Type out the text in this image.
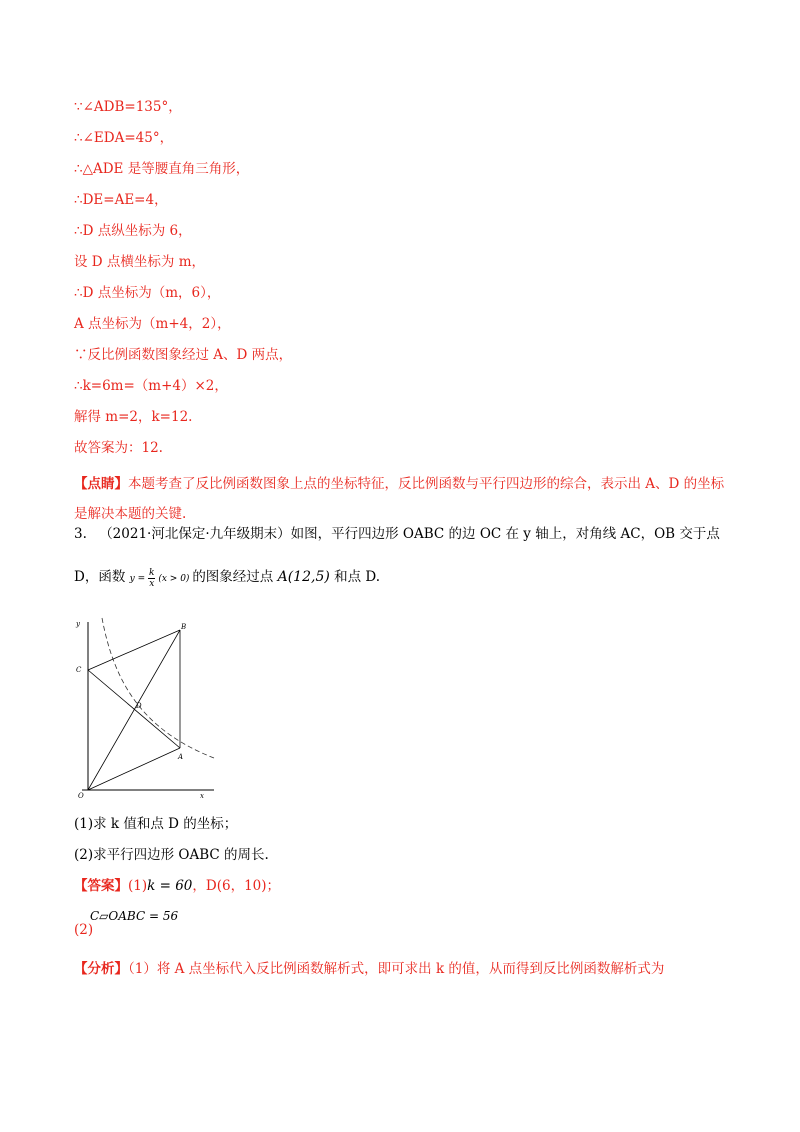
∵∠ADB=135°，
∴∠EDA=45°，
∴△ADE 是等腰直角三角形，
∴DE=AE=4，
∴D 点纵坐标为 6，
设 D 点横坐标为 m，
∴D 点坐标为（m，6），
A 点坐标为（m+4，2），
∵反比例函数图象经过 A、D 两点，
∴k=6m=（m+4）×2，
解得 m=2，k=12.
故答案为：12.
【点睛】本题考查了反比例函数图象上点的坐标特征，反比例函数与平行四边形的综合，表示出 A、D 的坐标是解决本题的关键.
3. （2021·河北保定·九年级期末）如图，平行四边形 OABC 的边 OC 在 y 轴上，对角线 AC，OB 交于点
D，函数 $y = \frac{k}{x} (x > 0)$ 的图象经过点 A(12,5) 和点 D.
y
C
B
D
A
O	x
(1)求 k 值和点 D 的坐标；
(2)求平行四边形 OABC 的周长.
【答案】(1)k = 60，D(6，10)；
(2)
C▱OABC = 56
【分析】（1）将 A 点坐标代入反比例函数解析式，即可求出 k 的值，从而得到反比例函数解析式为
